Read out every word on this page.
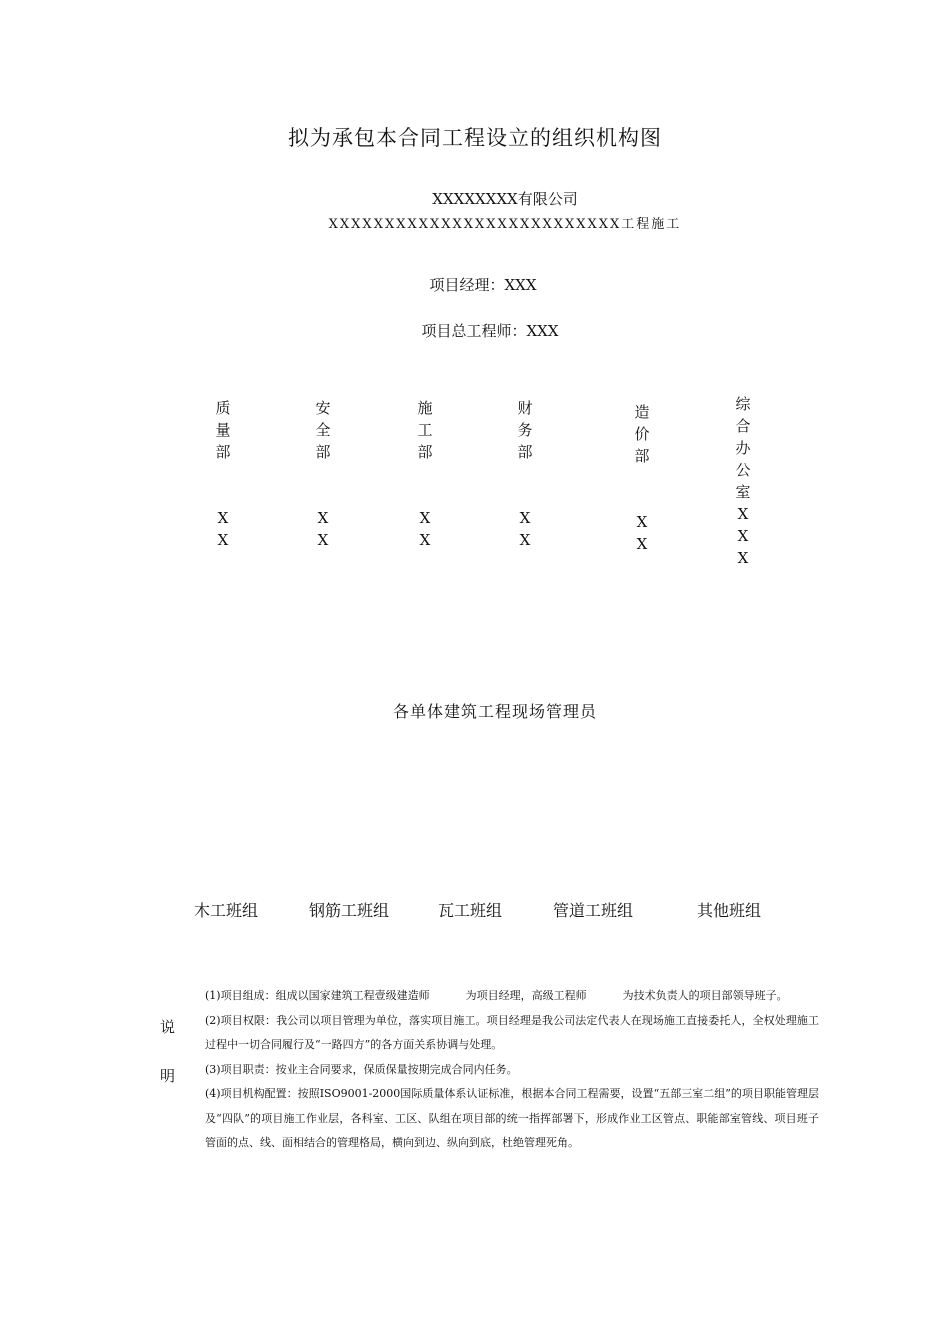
拟为承包本合同工程设立的组织机构图
XXXXXXXX有限公司
XXXXXXXXXXXXXXXXXXXXXXXXXX工程施工
项目经理：XXX
项目总工程师：XXX
质
量
部
X
X
安
全
部
X
X
施
工
部
X
X
财
务
部
X
X
造
价
部
X
X
综
合
办
公
室
X
X
X
各单体建筑工程现场管理员
木工班组	钢筋工班组	瓦工班组	管道工班组	其他班组
说
明

(1)项目组成：组成以国家建筑工程壹级建造师	为项目经理，高级工程师	为技术负责人的项目部领导班子。

(2)项目权限：我公司以项目管理为单位，落实项目施工。项目经理是我公司法定代表人在现场施工直接委托人，全权处理施工过程中一切合同履行及“一路四方”的各方面关系协调与处理。

(3)项目职责：按业主合同要求，保质保量按期完成合同内任务。

(4)项目机构配置：按照ISO9001-2000国际质量体系认证标准，根据本合同工程需要，设置“五部三室二组”的项目职能管理层及“四队”的项目施工作业层，各科室、工区、队组在项目部的统一指挥部署下，形成作业工区管点、职能部室管线、项目班子管面的点、线、面相结合的管理格局，横向到边、纵向到底，杜绝管理死角。
